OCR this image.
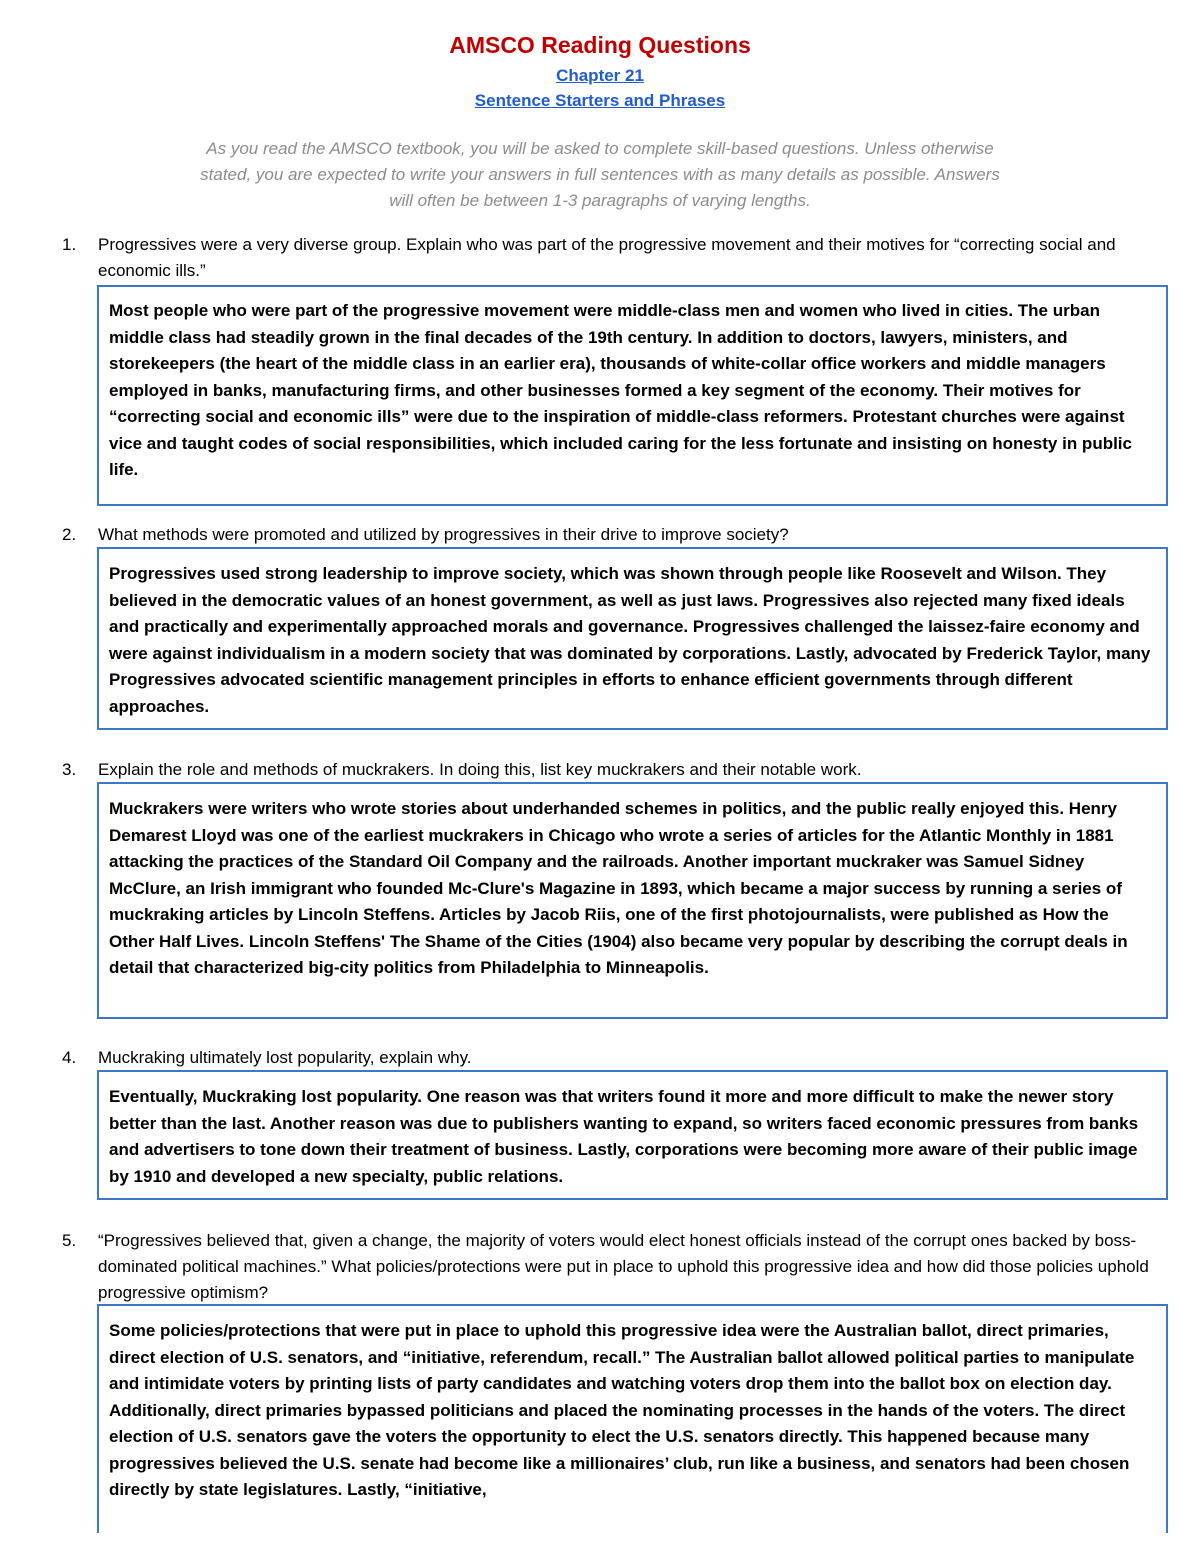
AMSCO Reading Questions
Chapter 21
Sentence Starters and Phrases
As you read the AMSCO textbook, you will be asked to complete skill-based questions. Unless otherwise stated, you are expected to write your answers in full sentences with as many details as possible. Answers will often be between 1-3 paragraphs of varying lengths.
1. Progressives were a very diverse group. Explain who was part of the progressive movement and their motives for “correcting social and economic ills.”
Most people who were part of the progressive movement were middle-class men and women who lived in cities. The urban middle class had steadily grown in the final decades of the 19th century. In addition to doctors, lawyers, ministers, and storekeepers (the heart of the middle class in an earlier era), thousands of white-collar office workers and middle managers employed in banks, manufacturing firms, and other businesses formed a key segment of the economy. Their motives for “correcting social and economic ills” were due to the inspiration of middle-class reformers. Protestant churches were against vice and taught codes of social responsibilities, which included caring for the less fortunate and insisting on honesty in public life.
2. What methods were promoted and utilized by progressives in their drive to improve society?
Progressives used strong leadership to improve society, which was shown through people like Roosevelt and Wilson. They believed in the democratic values of an honest government, as well as just laws. Progressives also rejected many fixed ideals and practically and experimentally approached morals and governance. Progressives challenged the laissez-faire economy and were against individualism in a modern society that was dominated by corporations. Lastly, advocated by Frederick Taylor, many Progressives advocated scientific management principles in efforts to enhance efficient governments through different approaches.
3. Explain the role and methods of muckrakers. In doing this, list key muckrakers and their notable work.
Muckrakers were writers who wrote stories about underhanded schemes in politics, and the public really enjoyed this. Henry Demarest Lloyd was one of the earliest muckrakers in Chicago who wrote a series of articles for the Atlantic Monthly in 1881 attacking the practices of the Standard Oil Company and the railroads. Another important muckraker was Samuel Sidney McClure, an Irish immigrant who founded Mc-Clure's Magazine in 1893, which became a major success by running a series of muckraking articles by Lincoln Steffens. Articles by Jacob Riis, one of the first photojournalists, were published as How the Other Half Lives. Lincoln Steffens' The Shame of the Cities (1904) also became very popular by describing the corrupt deals in detail that characterized big-city politics from Philadelphia to Minneapolis.
4. Muckraking ultimately lost popularity, explain why.
Eventually, Muckraking lost popularity. One reason was that writers found it more and more difficult to make the newer story better than the last. Another reason was due to publishers wanting to expand, so writers faced economic pressures from banks and advertisers to tone down their treatment of business. Lastly, corporations were becoming more aware of their public image by 1910 and developed a new specialty, public relations.
5. “Progressives believed that, given a change, the majority of voters would elect honest officials instead of the corrupt ones backed by boss-dominated political machines.” What policies/protections were put in place to uphold this progressive idea and how did those policies uphold progressive optimism?
Some policies/protections that were put in place to uphold this progressive idea were the Australian ballot, direct primaries, direct election of U.S. senators, and “initiative, referendum, recall.” The Australian ballot allowed political parties to manipulate and intimidate voters by printing lists of party candidates and watching voters drop them into the ballot box on election day. Additionally, direct primaries bypassed politicians and placed the nominating processes in the hands of the voters. The direct election of U.S. senators gave the voters the opportunity to elect the U.S. senators directly. This happened because many progressives believed the U.S. senate had become like a millionaires’ club, run like a business, and senators had been chosen directly by state legislatures. Lastly, “initiative,
